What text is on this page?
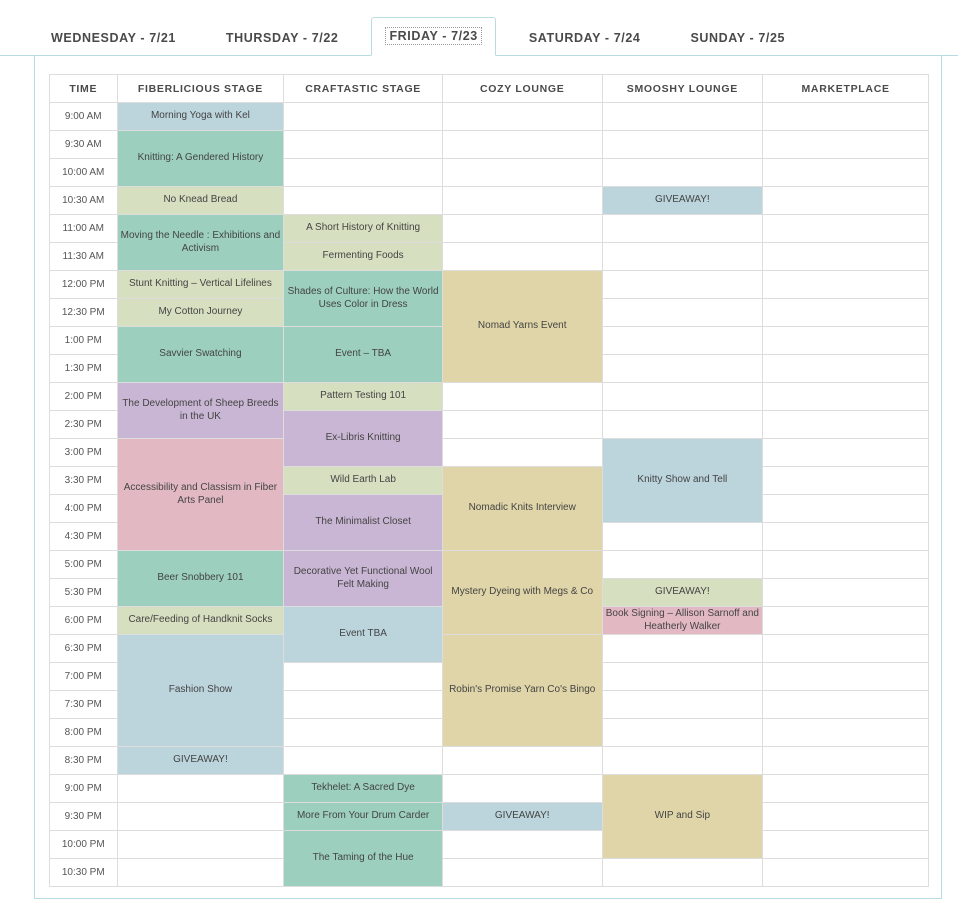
WEDNESDAY - 7/21	THURSDAY - 7/22	FRIDAY - 7/23	SATURDAY - 7/24	SUNDAY - 7/25
TIME	FIBERLICIOUS STAGE	CRAFTASTIC STAGE	COZY LOUNGE	SMOOSHY LOUNGE	MARKETPLACE
9:00 AM	Morning Yoga with Kel				
9:30 AM	Knitting: A Gendered History				
10:00 AM					
10:30 AM	No Knead Bread			GIVEAWAY!	
11:00 AM	Moving the Needle : Exhibitions and Activism	A Short History of Knitting			
11:30 AM		Fermenting Foods			
12:00 PM	Stunt Knitting – Vertical Lifelines	Shades of Culture: How the World Uses Color in Dress	Nomad Yarns Event		
12:30 PM	My Cotton Journey				
1:00 PM	Savvier Swatching	Event – TBA			
1:30 PM					
2:00 PM	The Development of Sheep Breeds in the UK	Pattern Testing 101			
2:30 PM		Ex-Libris Knitting			
3:00 PM	Accessibility and Classism in Fiber Arts Panel			Knitty Show and Tell	
3:30 PM		Wild Earth Lab	Nomadic Knits Interview		
4:00 PM		The Minimalist Closet			
4:30 PM					
5:00 PM	Beer Snobbery 101	Decorative Yet Functional Wool Felt Making	Mystery Dyeing with Megs & Co		
5:30 PM				GIVEAWAY!	
6:00 PM	Care/Feeding of Handknit Socks	Event TBA		Book Signing – Allison Sarnoff and Heatherly Walker	
6:30 PM	Fashion Show		Robin's Promise Yarn Co's Bingo		
7:00 PM					
7:30 PM					
8:00 PM					
8:30 PM	GIVEAWAY!				
9:00 PM		Tekhelet: A Sacred Dye		WIP and Sip	
9:30 PM		More From Your Drum Carder	GIVEAWAY!		
10:00 PM		The Taming of the Hue			
10:30 PM					
